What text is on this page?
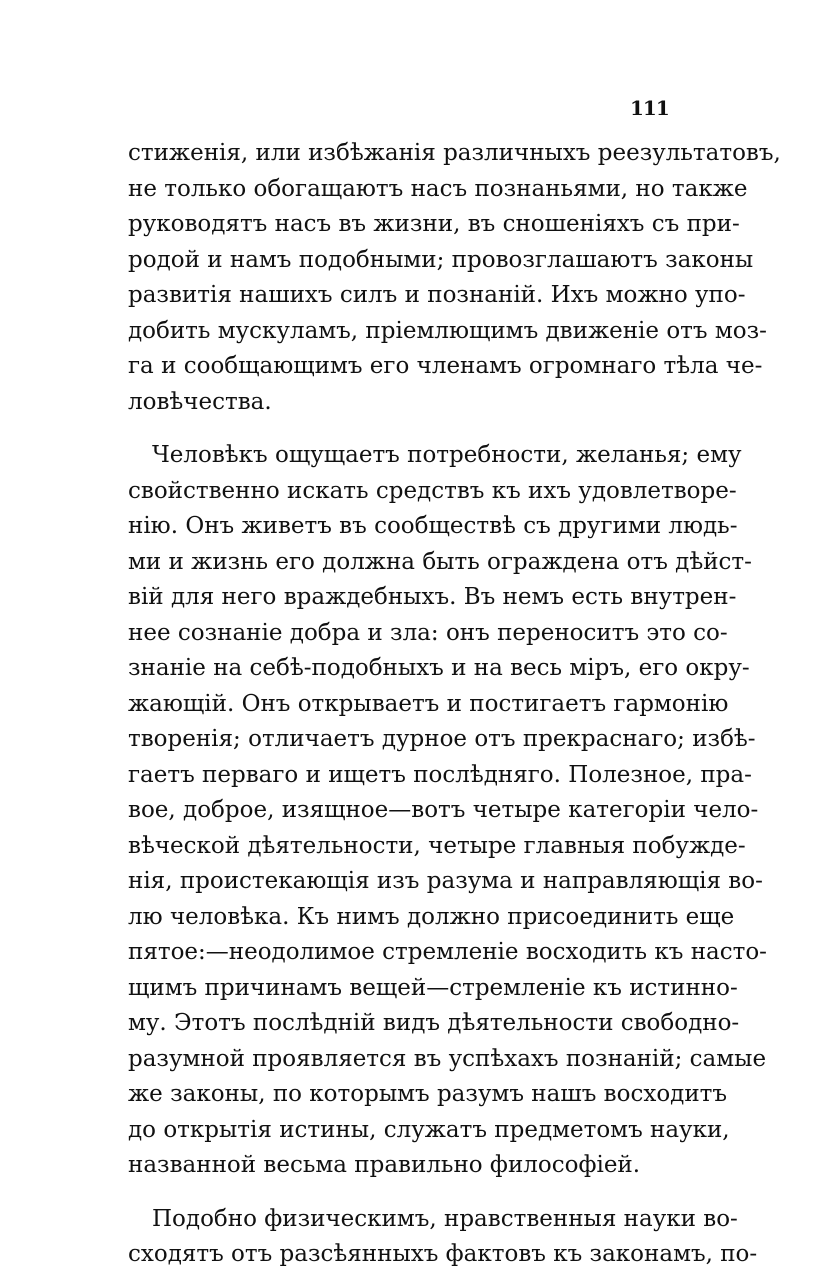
111
стиженія, или избѣжанія различныхъ реезультатовъ,
не только обогащаютъ насъ познаньями, но также
руководятъ насъ въ жизни, въ сношеніяхъ съ при-
родой и намъ подобными; провозглашаютъ законы
развитія нашихъ силъ и познаній. Ихъ можно упо-
добить мускуламъ, пріемлющимъ движеніе отъ моз-
га и сообщающимъ его членамъ огромнаго тѣла че-
ловѣчества.
Человѣкъ ощущаетъ потребности, желанья; ему
свойственно искать средствъ къ ихъ удовлетворе-
нію. Онъ живетъ въ сообществѣ съ другими людь-
ми и жизнь его должна быть ограждена отъ дѣйст-
вій для него враждебныхъ. Въ немъ есть внутрен-
нее сознаніе добра и зла: онъ переноситъ это со-
знаніе на себѣ-подобныхъ и на весь міръ, его окру-
жающій. Онъ открываетъ и постигаетъ гармонію
творенія; отличаетъ дурное отъ прекраснаго; избѣ-
гаетъ перваго и ищетъ послѣдняго. Полезное, пра-
вое, доброе, изящное—вотъ четыре категоріи чело-
вѣческой дѣятельности, четыре главныя побужде-
нія, проистекающія изъ разума и направляющія во-
лю человѣка. Къ нимъ должно присоединить еще
пятое:—неодолимое стремленіе восходить къ насто-
щимъ причинамъ вещей—стремленіе къ истинно-
му. Этотъ послѣдній видъ дѣятельности свободно-
разумной проявляется въ успѣхахъ познаній; самые
же законы, по которымъ разумъ нашъ восходитъ
до открытія истины, служатъ предметомъ науки,
названной весьма правильно философіей.
Подобно физическимъ, нравственныя науки во-
сходятъ отъ разсѣянныхъ фактовъ къ законамъ, по-
